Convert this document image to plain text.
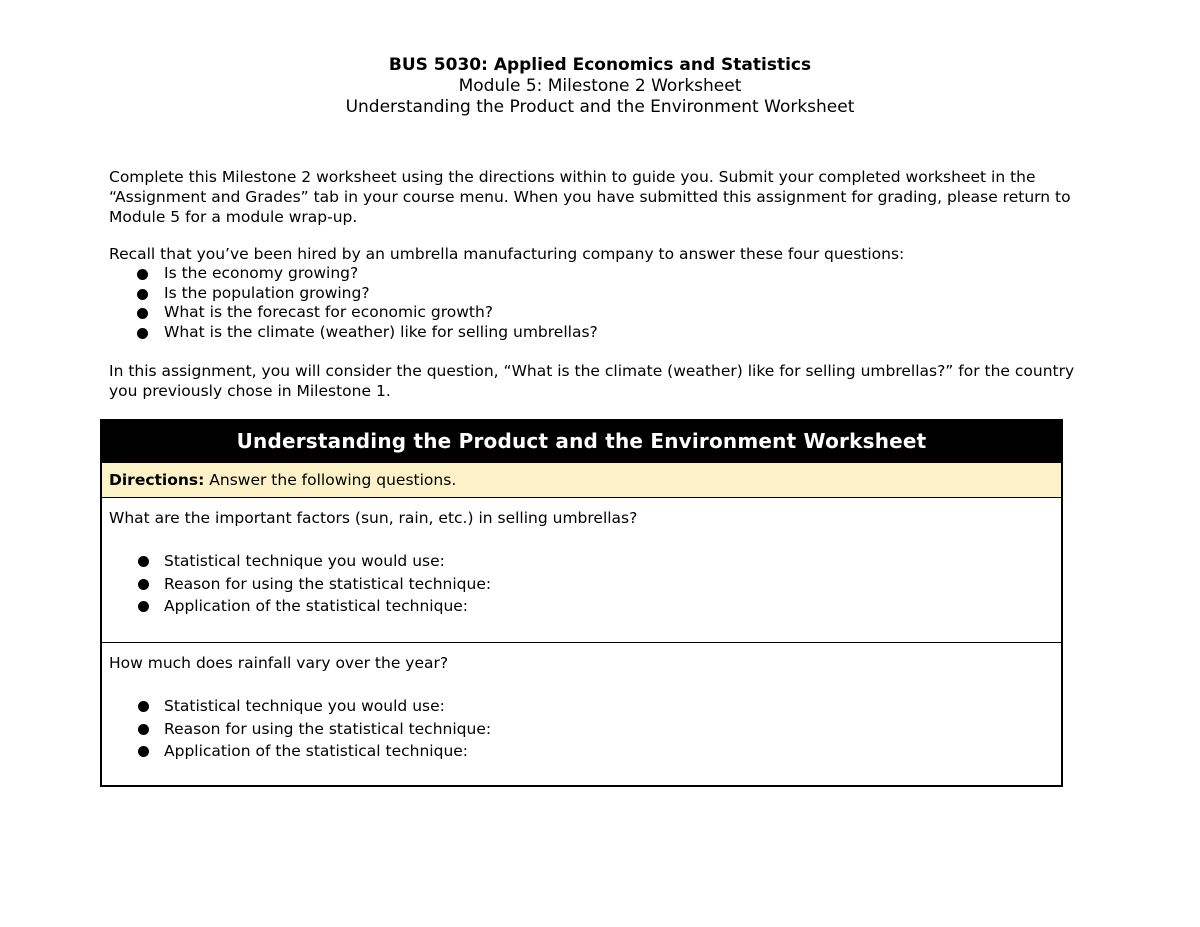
BUS 5030: Applied Economics and Statistics
Module 5: Milestone 2 Worksheet
Understanding the Product and the Environment Worksheet

Complete this Milestone 2 worksheet using the directions within to guide you. Submit your completed worksheet in the “Assignment and Grades” tab in your course menu. When you have submitted this assignment for grading, please return to Module 5 for a module wrap-up.

Recall that you’ve been hired by an umbrella manufacturing company to answer these four questions:

Is the economy growing?
Is the population growing?
What is the forecast for economic growth?
What is the climate (weather) like for selling umbrellas?

In this assignment, you will consider the question, “What is the climate (weather) like for selling umbrellas?” for the country you previously chose in Milestone 1.

Understanding the Product and the Environment Worksheet
Directions: Answer the following questions.
What are the important factors (sun, rain, etc.) in selling umbrellas?
Statistical technique you would use:
Reason for using the statistical technique:
Application of the statistical technique:
How much does rainfall vary over the year?
Statistical technique you would use:
Reason for using the statistical technique:
Application of the statistical technique:
